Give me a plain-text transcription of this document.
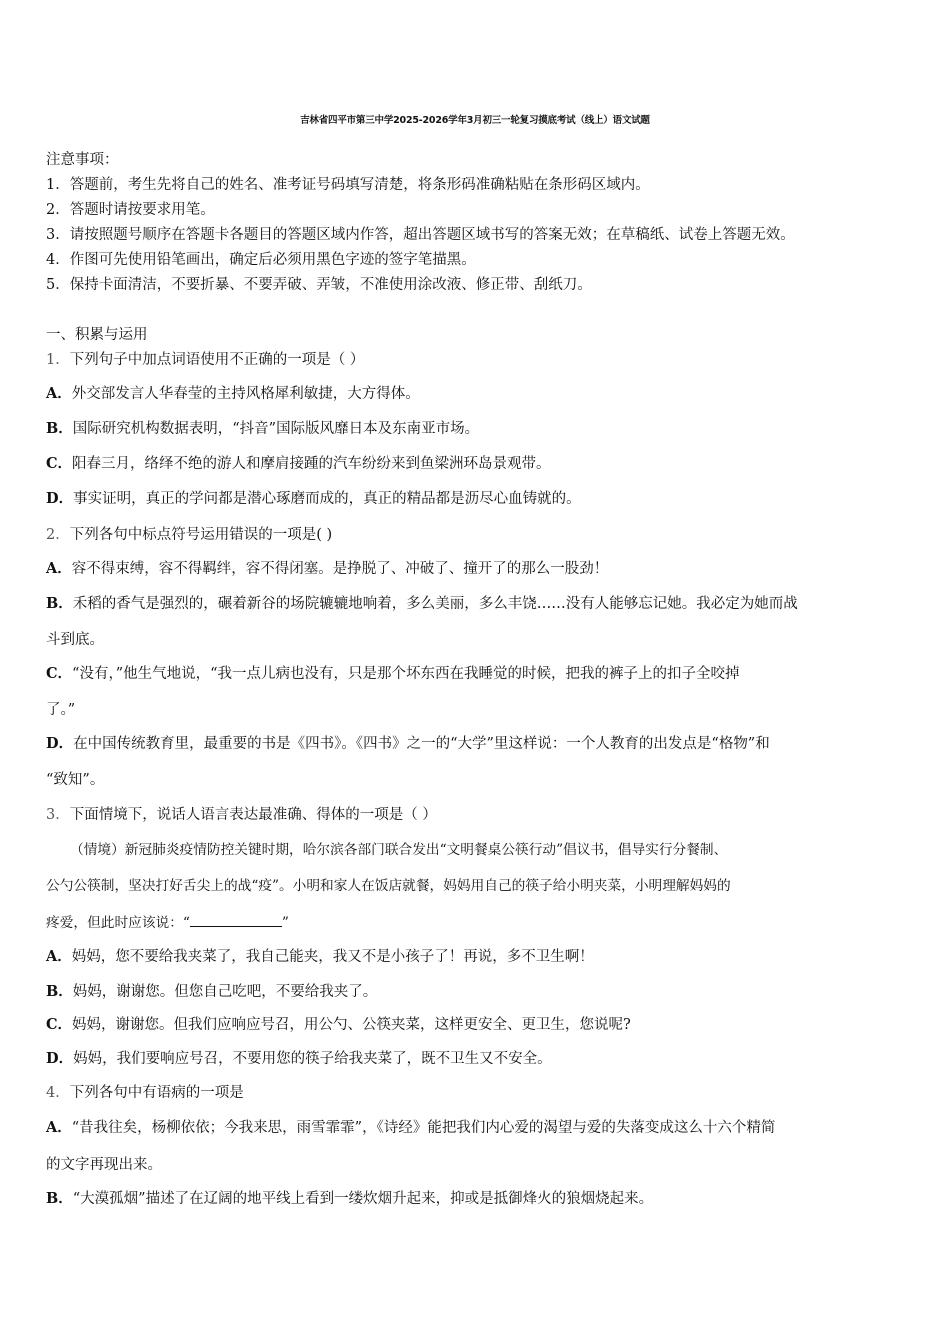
吉林省四平市第三中学2025-2026学年3月初三一轮复习摸底考试（线上）语文试题
注意事项：
1．答题前，考生先将自己的姓名、准考证号码填写清楚，将条形码准确粘贴在条形码区域内。
2．答题时请按要求用笔。
3．请按照题号顺序在答题卡各题目的答题区域内作答，超出答题区域书写的答案无效；在草稿纸、试卷上答题无效。
4．作图可先使用铅笔画出，确定后必须用黑色字迹的签字笔描黑。
5．保持卡面清洁，不要折暴、不要弄破、弄皱，不准使用涂改液、修正带、刮纸刀。
一、积累与运用
1．下列句子中加点词语使用不正确的一项是（ ）
A．外交部发言人华春莹的主持风格犀利敏捷，大方得体。
B．国际研究机构数据表明，“抖音”国际版风靡日本及东南亚市场。
C．阳春三月，络绎不绝的游人和摩肩接踵的汽车纷纷来到鱼梁洲环岛景观带。
D．事实证明，真正的学问都是潜心琢磨而成的，真正的精品都是沥尽心血铸就的。
2．下列各句中标点符号运用错误的一项是( )
A．容不得束缚，容不得羁绊，容不得闭塞。是挣脱了、冲破了、撞开了的那么一股劲！
B．禾稻的香气是强烈的，碾着新谷的场院辘辘地响着，多么美丽，多么丰饶……没有人能够忘记她。我必定为她而战
斗到底。
C．“没有，”他生气地说，“我一点儿病也没有，只是那个坏东西在我睡觉的时候，把我的裤子上的扣子全咬掉
了。”
D．在中国传统教育里，最重要的书是《四书》。《四书》之一的“大学”里这样说：一个人教育的出发点是“格物”和
“致知”。
3．下面情境下，说话人语言表达最准确、得体的一项是（ ）
（情境）新冠肺炎疫情防控关键时期，哈尔滨各部门联合发出“文明餐桌公筷行动”倡议书，倡导实行分餐制、
公勺公筷制，坚决打好舌尖上的战“疫”。小明和家人在饭店就餐，妈妈用自己的筷子给小明夹菜，小明理解妈妈的
疼爱，但此时应该说：“	”
A．妈妈，您不要给我夹菜了，我自己能夹，我又不是小孩子了！再说，多不卫生啊！
B．妈妈，谢谢您。但您自己吃吧，不要给我夹了。
C．妈妈，谢谢您。但我们应响应号召，用公勺、公筷夹菜，这样更安全、更卫生，您说呢?
D．妈妈，我们要响应号召，不要用您的筷子给我夹菜了，既不卫生又不安全。
4．下列各句中有语病的一项是
A．“昔我往矣，杨柳依依；今我来思，雨雪霏霏”，《诗经》能把我们内心爱的渴望与爱的失落变成这么十六个精简
的文字再现出来。
B．“大漠孤烟”描述了在辽阔的地平线上看到一缕炊烟升起来，抑或是抵御烽火的狼烟烧起来。
